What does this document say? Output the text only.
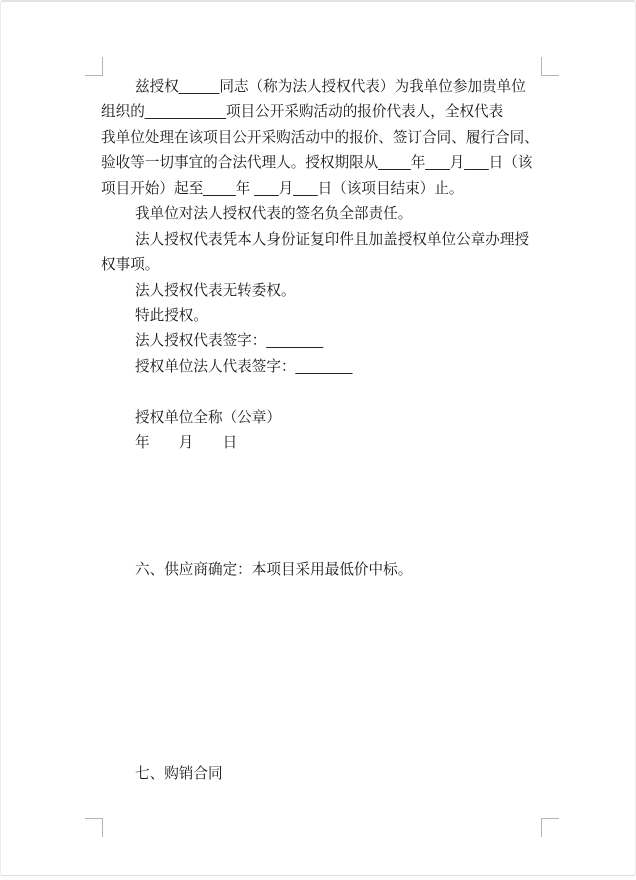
兹授权_____同志（称为法人授权代表）为我单位参加贵单位
组织的__________项目公开采购活动的报价代表人，全权代表
我单位处理在该项目公开采购活动中的报价、签订合同、履行合同、
验收等一切事宜的合法代理人。授权期限从____年___月___日（该
项目开始）起至____年 ___月___日（该项目结束）止。
我单位对法人授权代表的签名负全部责任。
法人授权代表凭本人身份证复印件且加盖授权单位公章办理授
权事项。
法人授权代表无转委权。
特此授权。
法人授权代表签字：_______
授权单位法人代表签字：_______
授权单位全称（公章）
年　　月　　日
六、供应商确定：本项目采用最低价中标。
七、购销合同
